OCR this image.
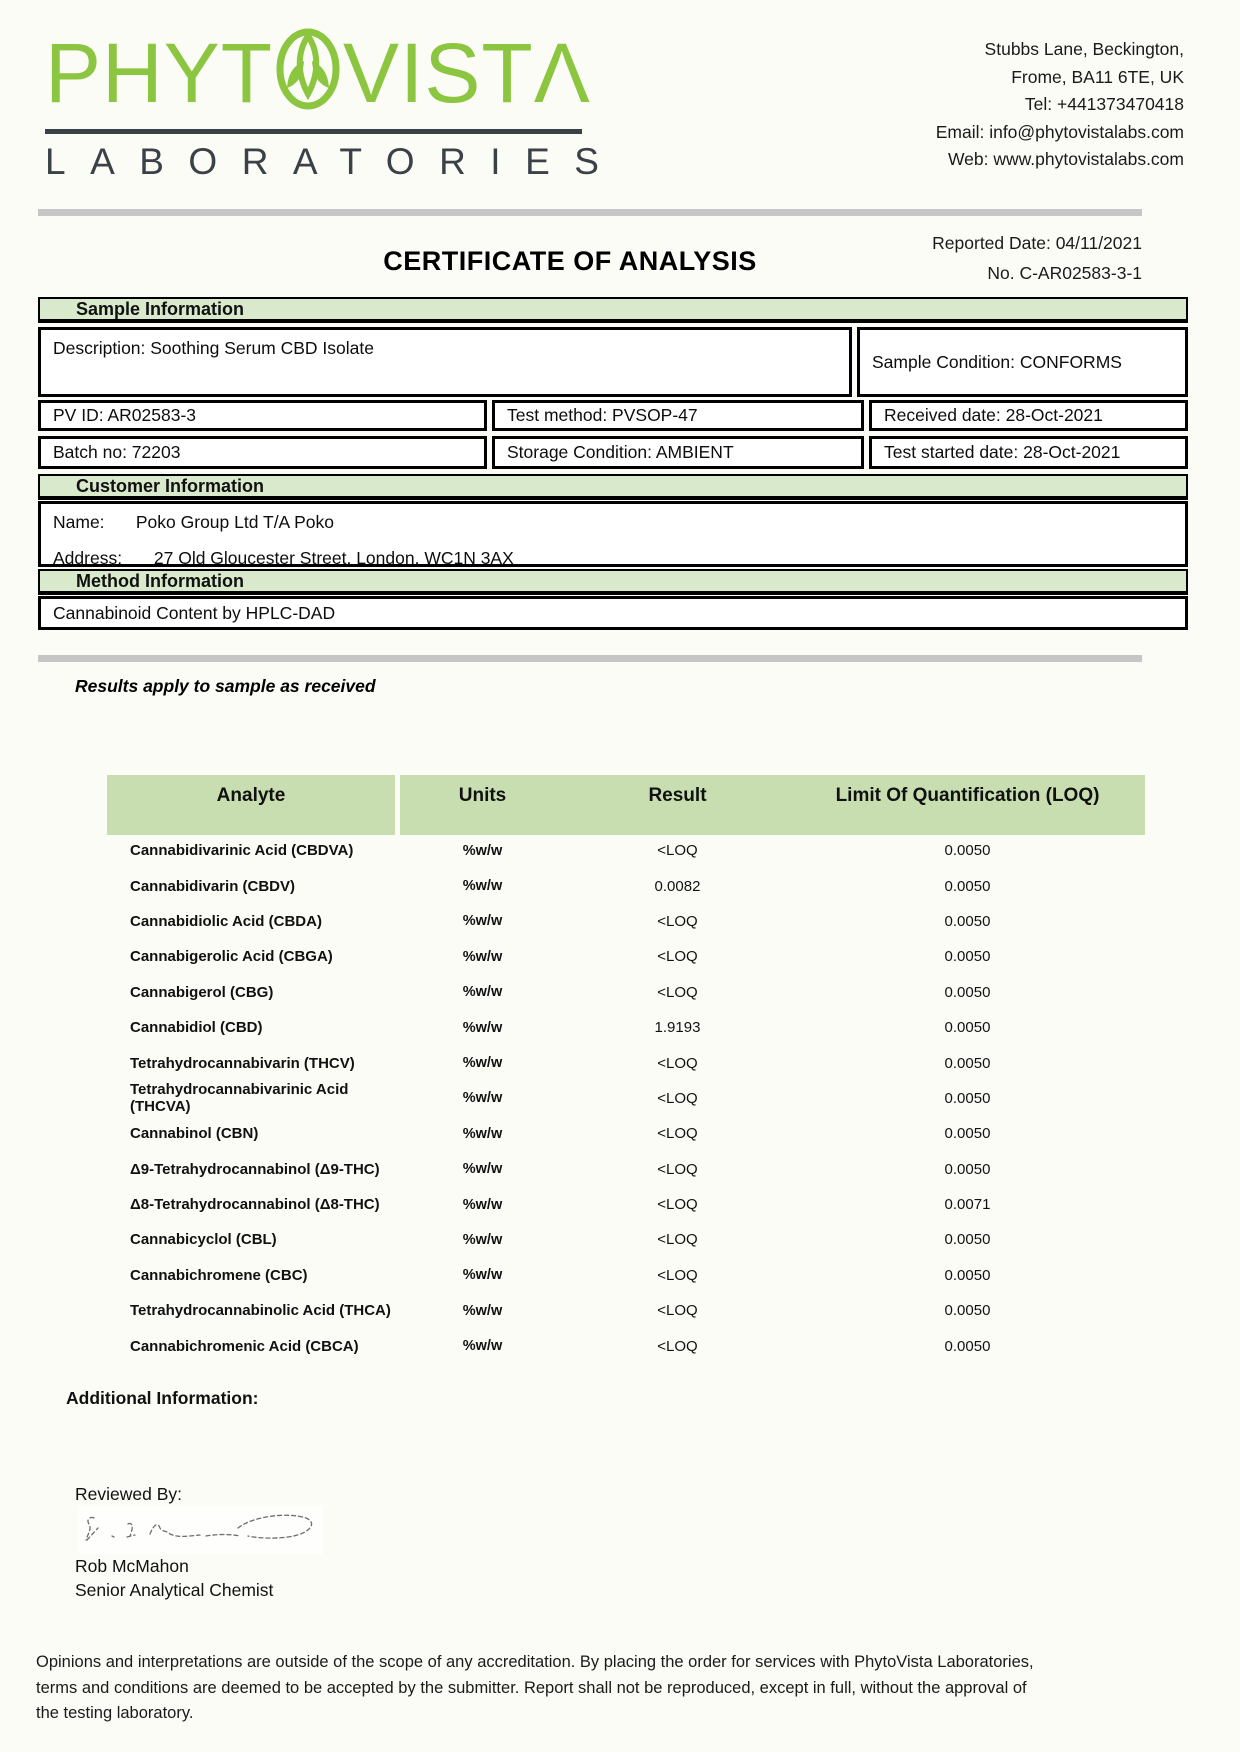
PHYT VIST Λ
LABORATORIES
Stubbs Lane, Beckington,
Frome, BA11 6TE, UK
Tel: +441373470418
Email: info@phytovistalabs.com
Web: www.phytovistalabs.com
Reported Date: 04/11/2021
No. C-AR02583-3-1
CERTIFICATE OF ANALYSIS
Sample Information
Description: Soothing Serum CBD Isolate
Sample Condition: CONFORMS
PV ID: AR02583-3	Test method: PVSOP-47	Received date: 28-Oct-2021
Batch no: 72203	Storage Condition: AMBIENT	Test started date: 28-Oct-2021
Customer Information
Name: Poko Group Ltd T/A Poko
Address: 27 Old Gloucester Street, London, WC1N 3AX
Method Information
Cannabinoid Content by HPLC-DAD
Results apply to sample as received
Analyte	Units	Result	Limit Of Quantification (LOQ)
Cannabidivarinic Acid (CBDVA)	%w/w	<LOQ	0.0050
Cannabidivarin (CBDV)	%w/w	0.0082	0.0050
Cannabidiolic Acid (CBDA)	%w/w	<LOQ	0.0050
Cannabigerolic Acid (CBGA)	%w/w	<LOQ	0.0050
Cannabigerol (CBG)	%w/w	<LOQ	0.0050
Cannabidiol (CBD)	%w/w	1.9193	0.0050
Tetrahydrocannabivarin (THCV)	%w/w	<LOQ	0.0050
Tetrahydrocannabivarinic Acid (THCVA)	%w/w	<LOQ	0.0050
Cannabinol (CBN)	%w/w	<LOQ	0.0050
Δ9-Tetrahydrocannabinol (Δ9-THC)	%w/w	<LOQ	0.0050
Δ8-Tetrahydrocannabinol (Δ8-THC)	%w/w	<LOQ	0.0071
Cannabicyclol (CBL)	%w/w	<LOQ	0.0050
Cannabichromene (CBC)	%w/w	<LOQ	0.0050
Tetrahydrocannabinolic Acid (THCA)	%w/w	<LOQ	0.0050
Cannabichromenic Acid (CBCA)	%w/w	<LOQ	0.0050
Additional Information:
Reviewed By:
Rob McMahon
Senior Analytical Chemist
Opinions and interpretations are outside of the scope of any accreditation. By placing the order for services with PhytoVista Laboratories,
terms and conditions are deemed to be accepted by the submitter. Report shall not be reproduced, except in full, without the approval of
the testing laboratory.
